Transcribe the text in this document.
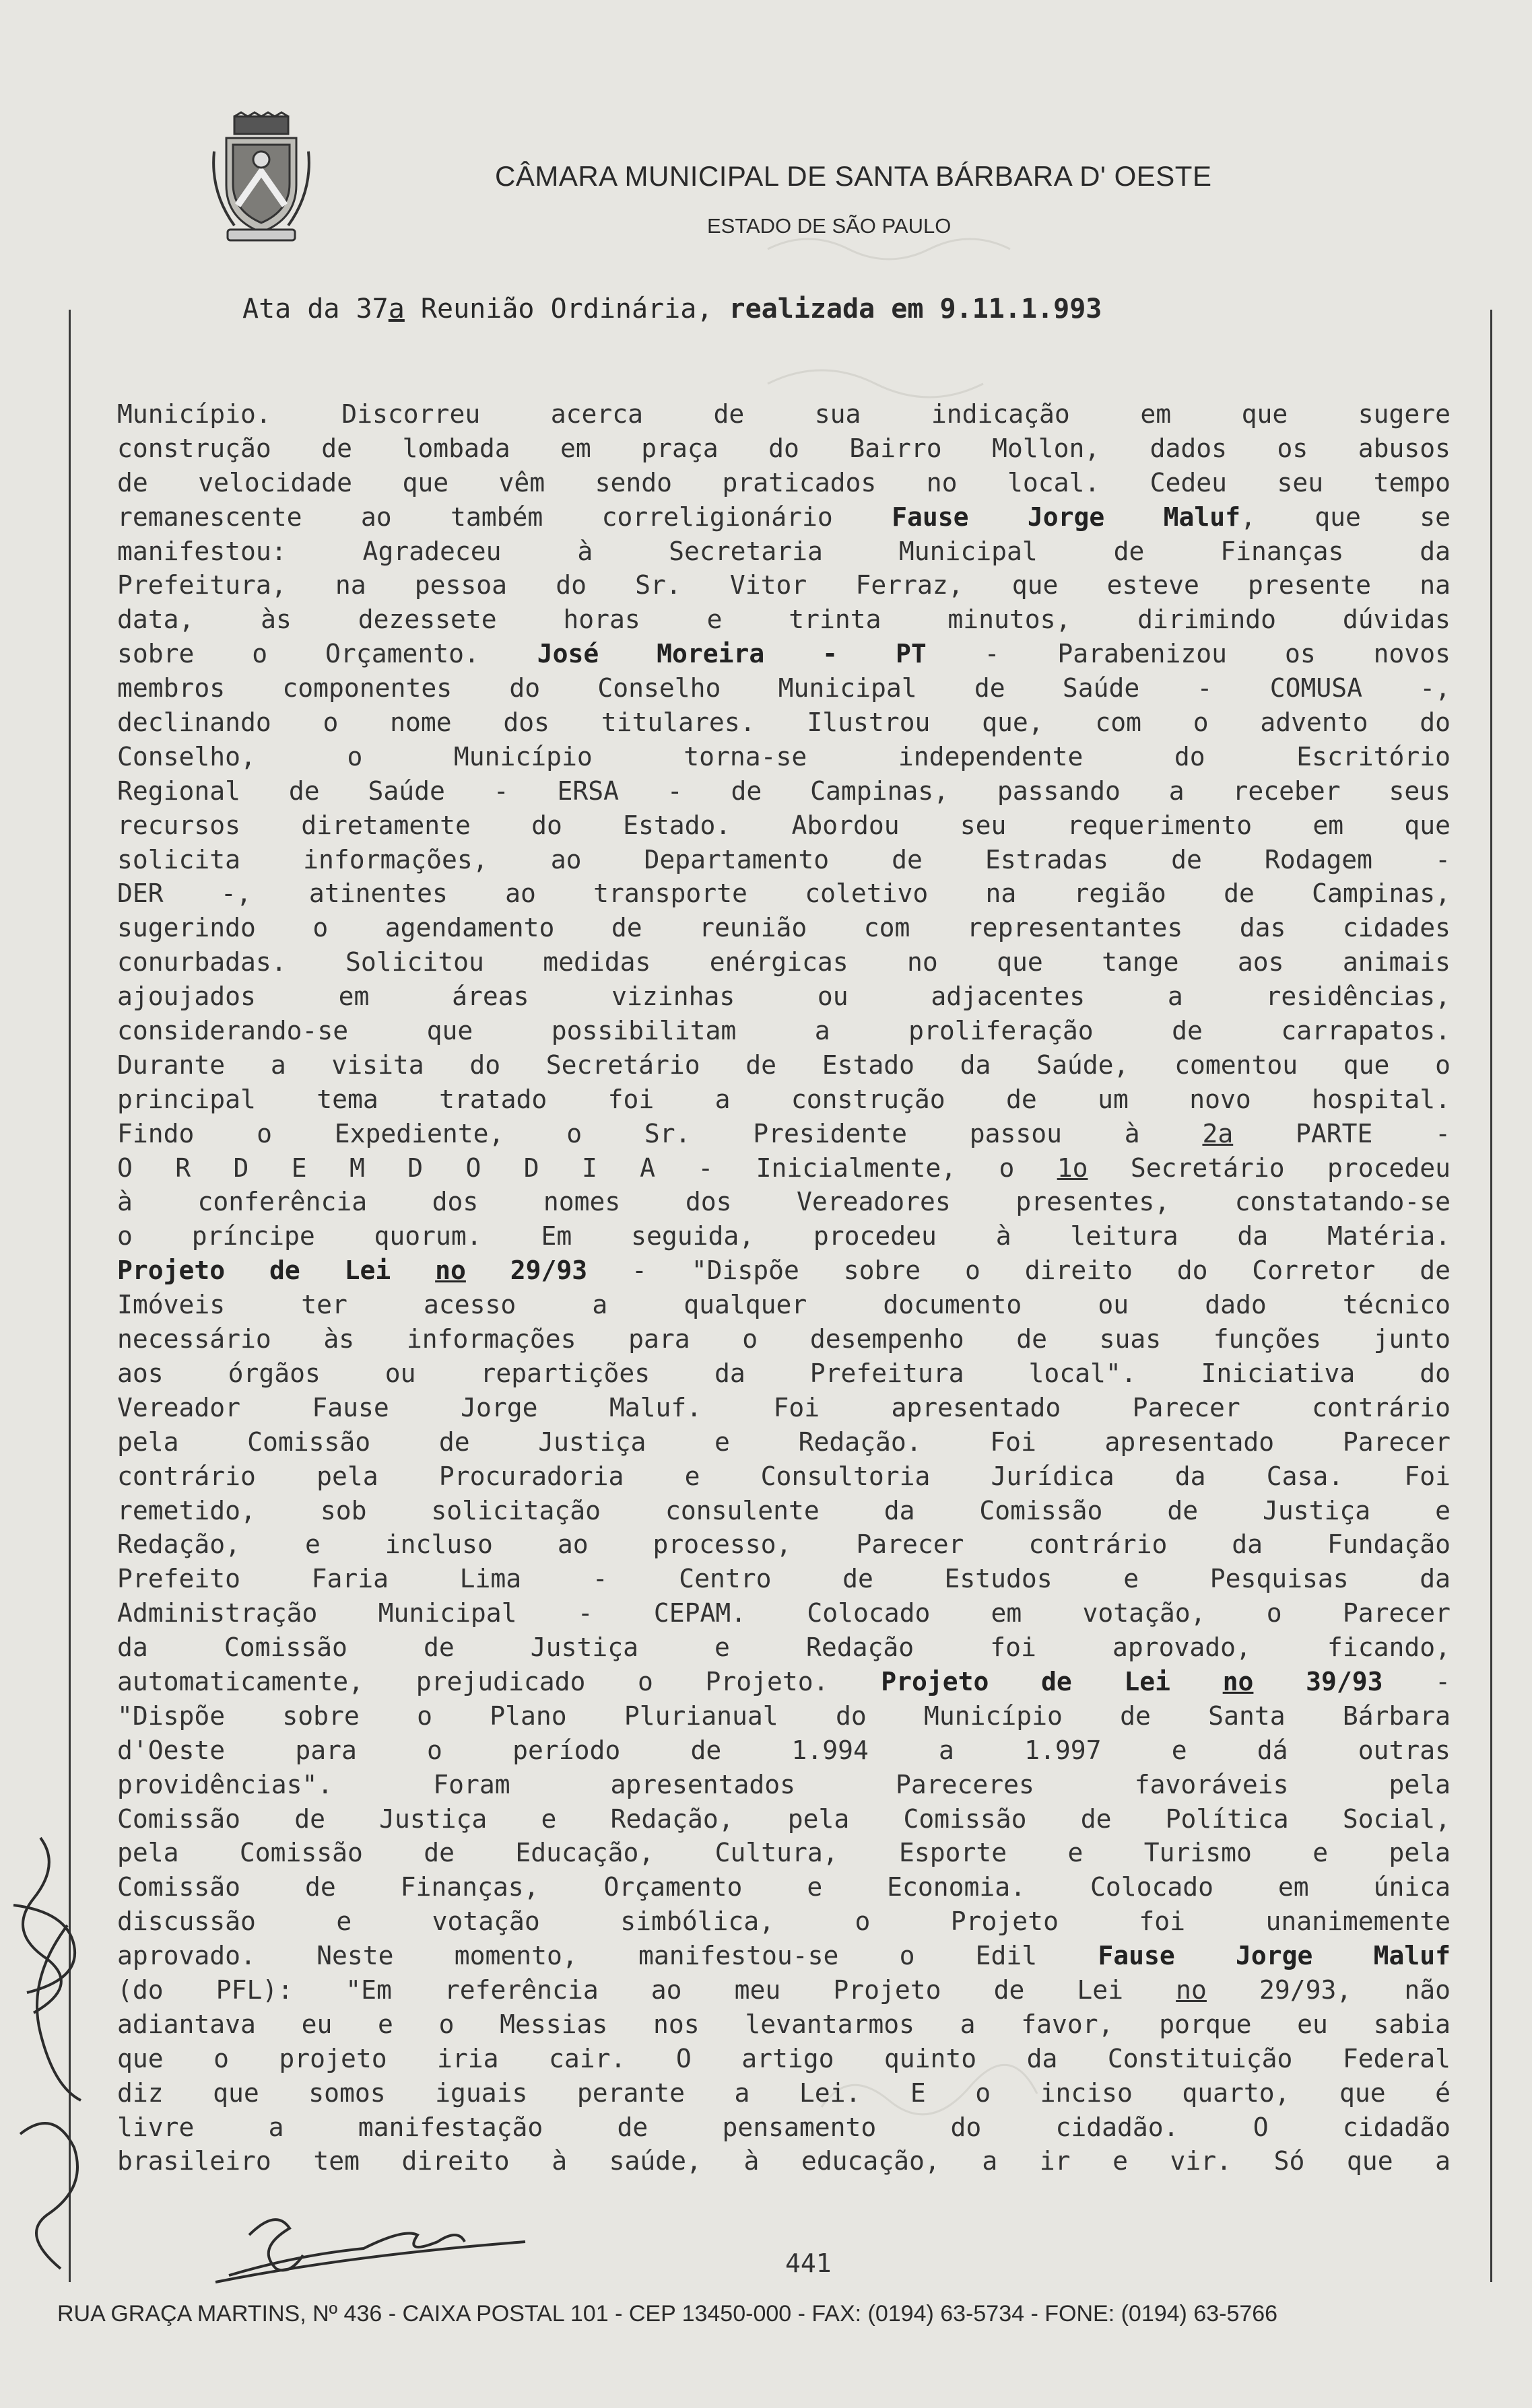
CÂMARA MUNICIPAL DE SANTA BÁRBARA D' OESTE
ESTADO DE SÃO PAULO
Ata da 37a Reunião Ordinária, realizada em 9.11.1.993
Município. Discorreu acerca de sua indicação em que sugere
construção de lombada em praça do Bairro Mollon, dados os abusos
de velocidade que vêm sendo praticados no local. Cedeu seu tempo
remanescente ao também correligionário Fause Jorge Maluf, que se
manifestou: Agradeceu à Secretaria Municipal de Finanças da
Prefeitura, na pessoa do Sr. Vitor Ferraz, que esteve presente na
data, às dezessete horas e trinta minutos, dirimindo dúvidas
sobre o Orçamento. José Moreira - PT - Parabenizou os novos
membros componentes do Conselho Municipal de Saúde - COMUSA -,
declinando o nome dos titulares. Ilustrou que, com o advento do
Conselho, o Município torna-se independente do Escritório
Regional de Saúde - ERSA - de Campinas, passando a receber seus
recursos diretamente do Estado. Abordou seu requerimento em que
solicita informações, ao Departamento de Estradas de Rodagem -
DER -, atinentes ao transporte coletivo na região de Campinas,
sugerindo o agendamento de reunião com representantes das cidades
conurbadas. Solicitou medidas enérgicas no que tange aos animais
ajoujados em áreas vizinhas ou adjacentes a residências,
considerando-se que possibilitam a proliferação de carrapatos.
Durante a visita do Secretário de Estado da Saúde, comentou que o
principal tema tratado foi a construção de um novo hospital.
Findo o Expediente, o Sr. Presidente passou à 2a PARTE -
O R D E M D O D I A - Inicialmente, o 1o Secretário procedeu
à conferência dos nomes dos Vereadores presentes, constatando-se
o príncipe quorum. Em seguida, procedeu à leitura da Matéria.
Projeto de Lei no 29/93 - "Dispõe sobre o direito do Corretor de
Imóveis ter acesso a qualquer documento ou dado técnico
necessário às informações para o desempenho de suas funções junto
aos órgãos ou repartições da Prefeitura local". Iniciativa do
Vereador Fause Jorge Maluf. Foi apresentado Parecer contrário
pela Comissão de Justiça e Redação. Foi apresentado Parecer
contrário pela Procuradoria e Consultoria Jurídica da Casa. Foi
remetido, sob solicitação consulente da Comissão de Justiça e
Redação, e incluso ao processo, Parecer contrário da Fundação
Prefeito Faria Lima - Centro de Estudos e Pesquisas da
Administração Municipal - CEPAM. Colocado em votação, o Parecer
da Comissão de Justiça e Redação foi aprovado, ficando,
automaticamente, prejudicado o Projeto. Projeto de Lei no 39/93 -
"Dispõe sobre o Plano Plurianual do Município de Santa Bárbara
d'Oeste para o período de 1.994 a 1.997 e dá outras
providências". Foram apresentados Pareceres favoráveis pela
Comissão de Justiça e Redação, pela Comissão de Política Social,
pela Comissão de Educação, Cultura, Esporte e Turismo e pela
Comissão de Finanças, Orçamento e Economia. Colocado em única
discussão e votação simbólica, o Projeto foi unanimemente
aprovado. Neste momento, manifestou-se o Edil Fause Jorge Maluf
(do PFL): "Em referência ao meu Projeto de Lei no 29/93, não
adiantava eu e o Messias nos levantarmos a favor, porque eu sabia
que o projeto iria cair. O artigo quinto da Constituição Federal
diz que somos iguais perante a Lei. E o inciso quarto, que é
livre a manifestação de pensamento do cidadão. O cidadão
brasileiro tem direito à saúde, à educação, a ir e vir. Só que a
441
RUA GRAÇA MARTINS, Nº 436 - CAIXA POSTAL 101 - CEP 13450-000 - FAX: (0194) 63-5734 - FONE: (0194) 63-5766
